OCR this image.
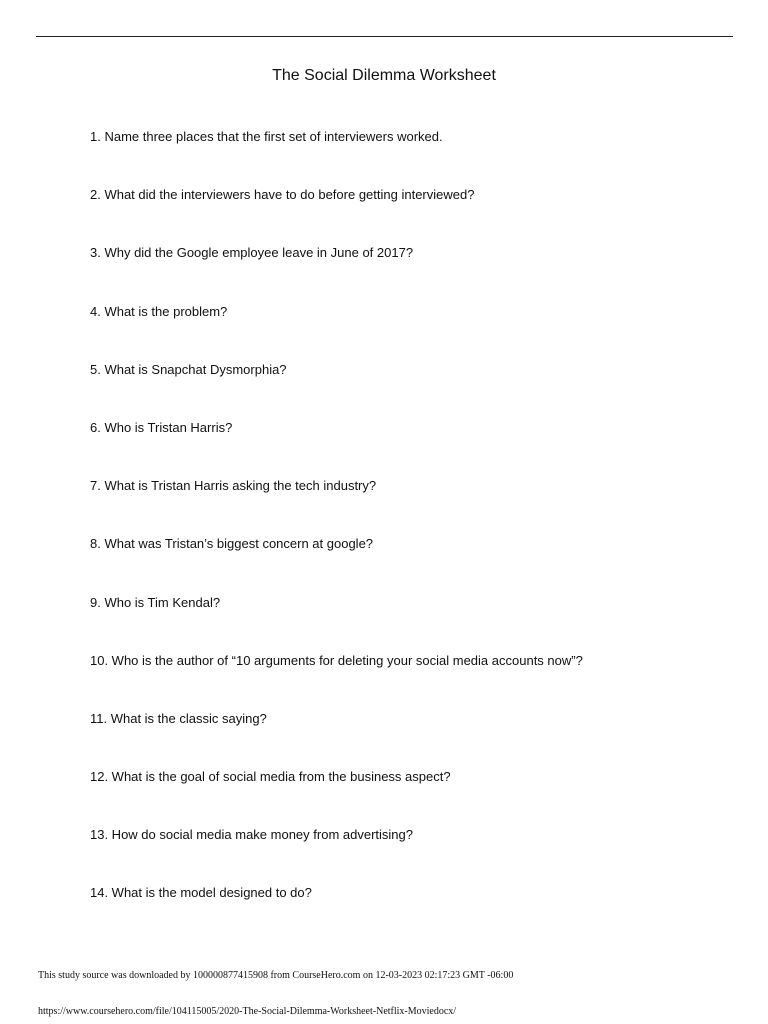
The Social Dilemma Worksheet
1. Name three places that the first set of interviewers worked.
2. What did the interviewers have to do before getting interviewed?
3. Why did the Google employee leave in June of 2017?
4. What is the problem?
5. What is Snapchat Dysmorphia?
6. Who is Tristan Harris?
7. What is Tristan Harris asking the tech industry?
8. What was Tristan’s biggest concern at google?
9. Who is Tim Kendal?
10. Who is the author of “10 arguments for deleting your social media accounts now”?
11. What is the classic saying?
12. What is the goal of social media from the business aspect?
13. How do social media make money from advertising?
14. What is the model designed to do?
This study source was downloaded by 100000877415908 from CourseHero.com on 12-03-2023 02:17:23 GMT -06:00
https://www.coursehero.com/file/104115005/2020-The-Social-Dilemma-Worksheet-Netflix-Moviedocx/
